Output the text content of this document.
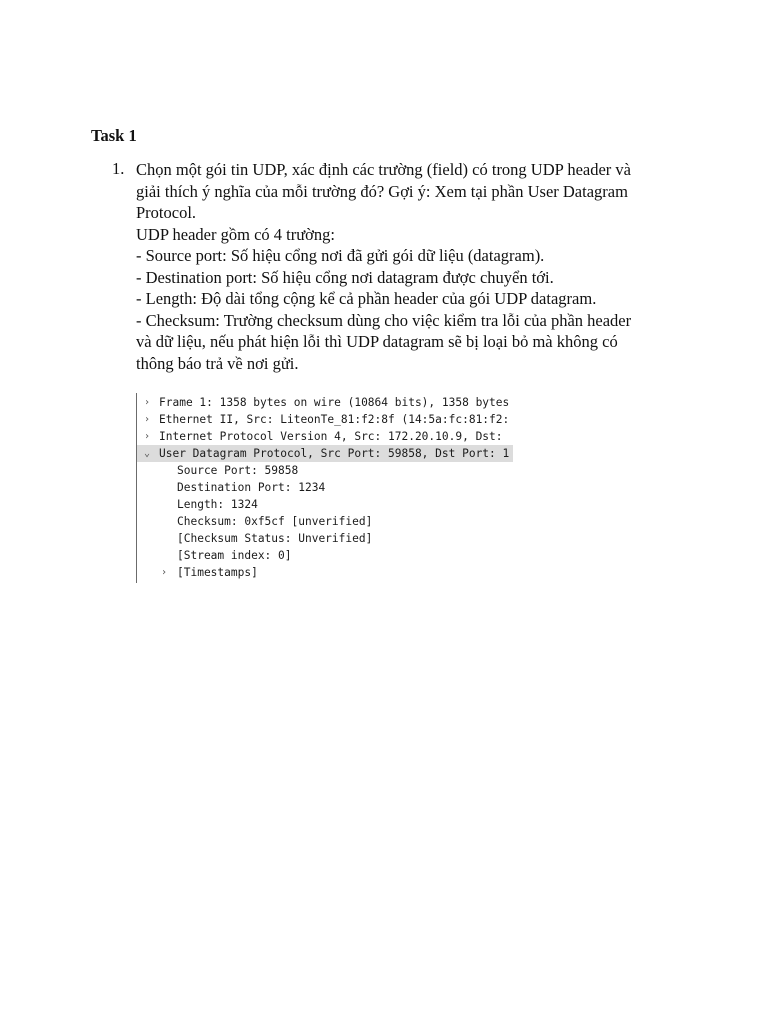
Task 1
1. Chọn một gói tin UDP, xác định các trường (field) có trong UDP header và
giải thích ý nghĩa của mỗi trường đó? Gợi ý: Xem tại phần User Datagram
Protocol.
UDP header gồm có 4 trường:
- Source port: Số hiệu cổng nơi đã gửi gói dữ liệu (datagram).
- Destination port: Số hiệu cổng nơi datagram được chuyển tới.
- Length: Độ dài tổng cộng kể cả phần header của gói UDP datagram.
- Checksum: Trường checksum dùng cho việc kiểm tra lỗi của phần header
và dữ liệu, nếu phát hiện lỗi thì UDP datagram sẽ bị loại bỏ mà không có
thông báo trả về nơi gửi.
› Frame 1: 1358 bytes on wire (10864 bits), 1358 bytes
› Ethernet II, Src: LiteonTe_81:f2:8f (14:5a:fc:81:f2:
› Internet Protocol Version 4, Src: 172.20.10.9, Dst:
⌄ User Datagram Protocol, Src Port: 59858, Dst Port: 1
Source Port: 59858
Destination Port: 1234
Length: 1324
Checksum: 0xf5cf [unverified]
[Checksum Status: Unverified]
[Stream index: 0]
› [Timestamps]
